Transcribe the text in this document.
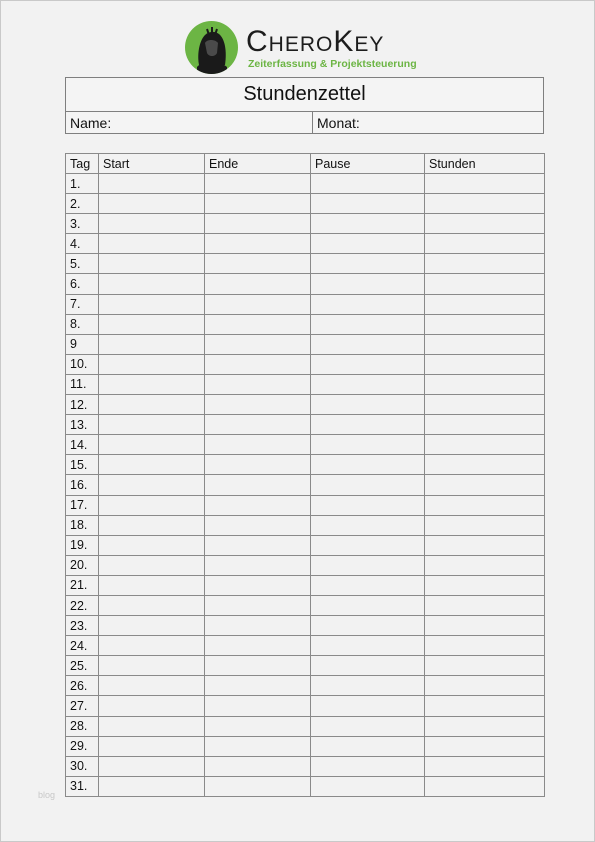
CheroKey
Zeiterfassung & Projektsteuerung
Stundenzettel
Name:	Monat:
Tag	Start	Ende	Pause	Stunden
1.				
2.				
3.				
4.				
5.				
6.				
7.				
8.				
9				
10.				
11.				
12.				
13.				
14.				
15.				
16.				
17.				
18.				
19.				
20.				
21.				
22.				
23.				
24.				
25.				
26.				
27.				
28.				
29.				
30.				
31.				
blog
